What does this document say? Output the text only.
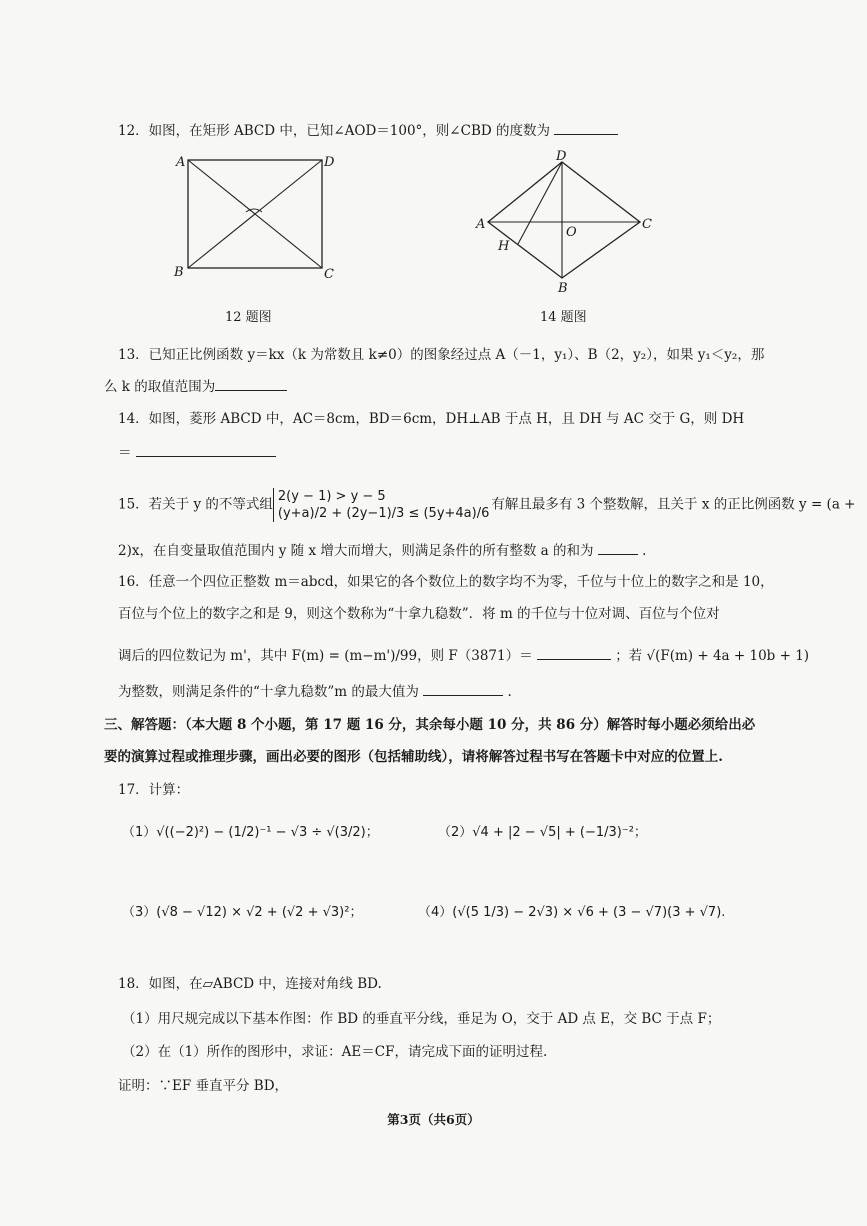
12．如图，在矩形 ABCD 中，已知∠AOD＝100°，则∠CBD 的度数为
A	D
B	C
12 题图
A
D
C
B
O
H
14 题图
13．已知正比例函数 y＝kx（k 为常数且 k≠0）的图象经过点 A（－1，y₁）、B（2，y₂），如果 y₁＜y₂，那
么 k 的取值范围为
14．如图，菱形 ABCD 中，AC＝8cm，BD＝6cm，DH⊥AB 于点 H，且 DH 与 AC 交于 G，则 DH
＝
15．若关于 y 的不等式组 2(y − 1) > y − 5
(y+a)/2 + (2y−1)/3 ≤ (5y+4a)/6有解且最多有 3 个整数解，且关于 x 的正比例函数 y = (a +
2)x，在自变量取值范围内 y 随 x 增大而增大，则满足条件的所有整数 a 的和为	.
16．任意一个四位正整数 m＝abcd，如果它的各个数位上的数字均不为零，千位与十位上的数字之和是 10，
百位与个位上的数字之和是 9，则这个数称为“十拿九稳数”．将 m 的千位与十位对调、百位与个位对
调后的四位数记为 m'，其中 F(m) = (m−m')/99，则 F（3871）＝	；若 √(F(m) + 4a + 10b + 1)
为整数，则满足条件的“十拿九稳数”m 的最大值为	.
三、解答题：（本大题 8 个小题，第 17 题 16 分，其余每小题 10 分，共 86 分）解答时每小题必须给出必
要的演算过程或推理步骤，画出必要的图形（包括辅助线），请将解答过程书写在答题卡中对应的位置上.
17．计算：
（1）√((−2)²) − (1/2)⁻¹ − √3 ÷ √(3/2)；	（2）√4 + |2 − √5| + (−1/3)⁻²；
（3）(√8 − √12) × √2 + (√2 + √3)²；	（4）(√(5 1/3) − 2√3) × √6 + (3 − √7)(3 + √7).
18．如图，在▱ABCD 中，连接对角线 BD.
（1）用尺规完成以下基本作图：作 BD 的垂直平分线，垂足为 O，交于 AD 点 E，交 BC 于点 F；
（2）在（1）所作的图形中，求证：AE＝CF，请完成下面的证明过程.
证明：∵EF 垂直平分 BD，
第3页（共6页）
